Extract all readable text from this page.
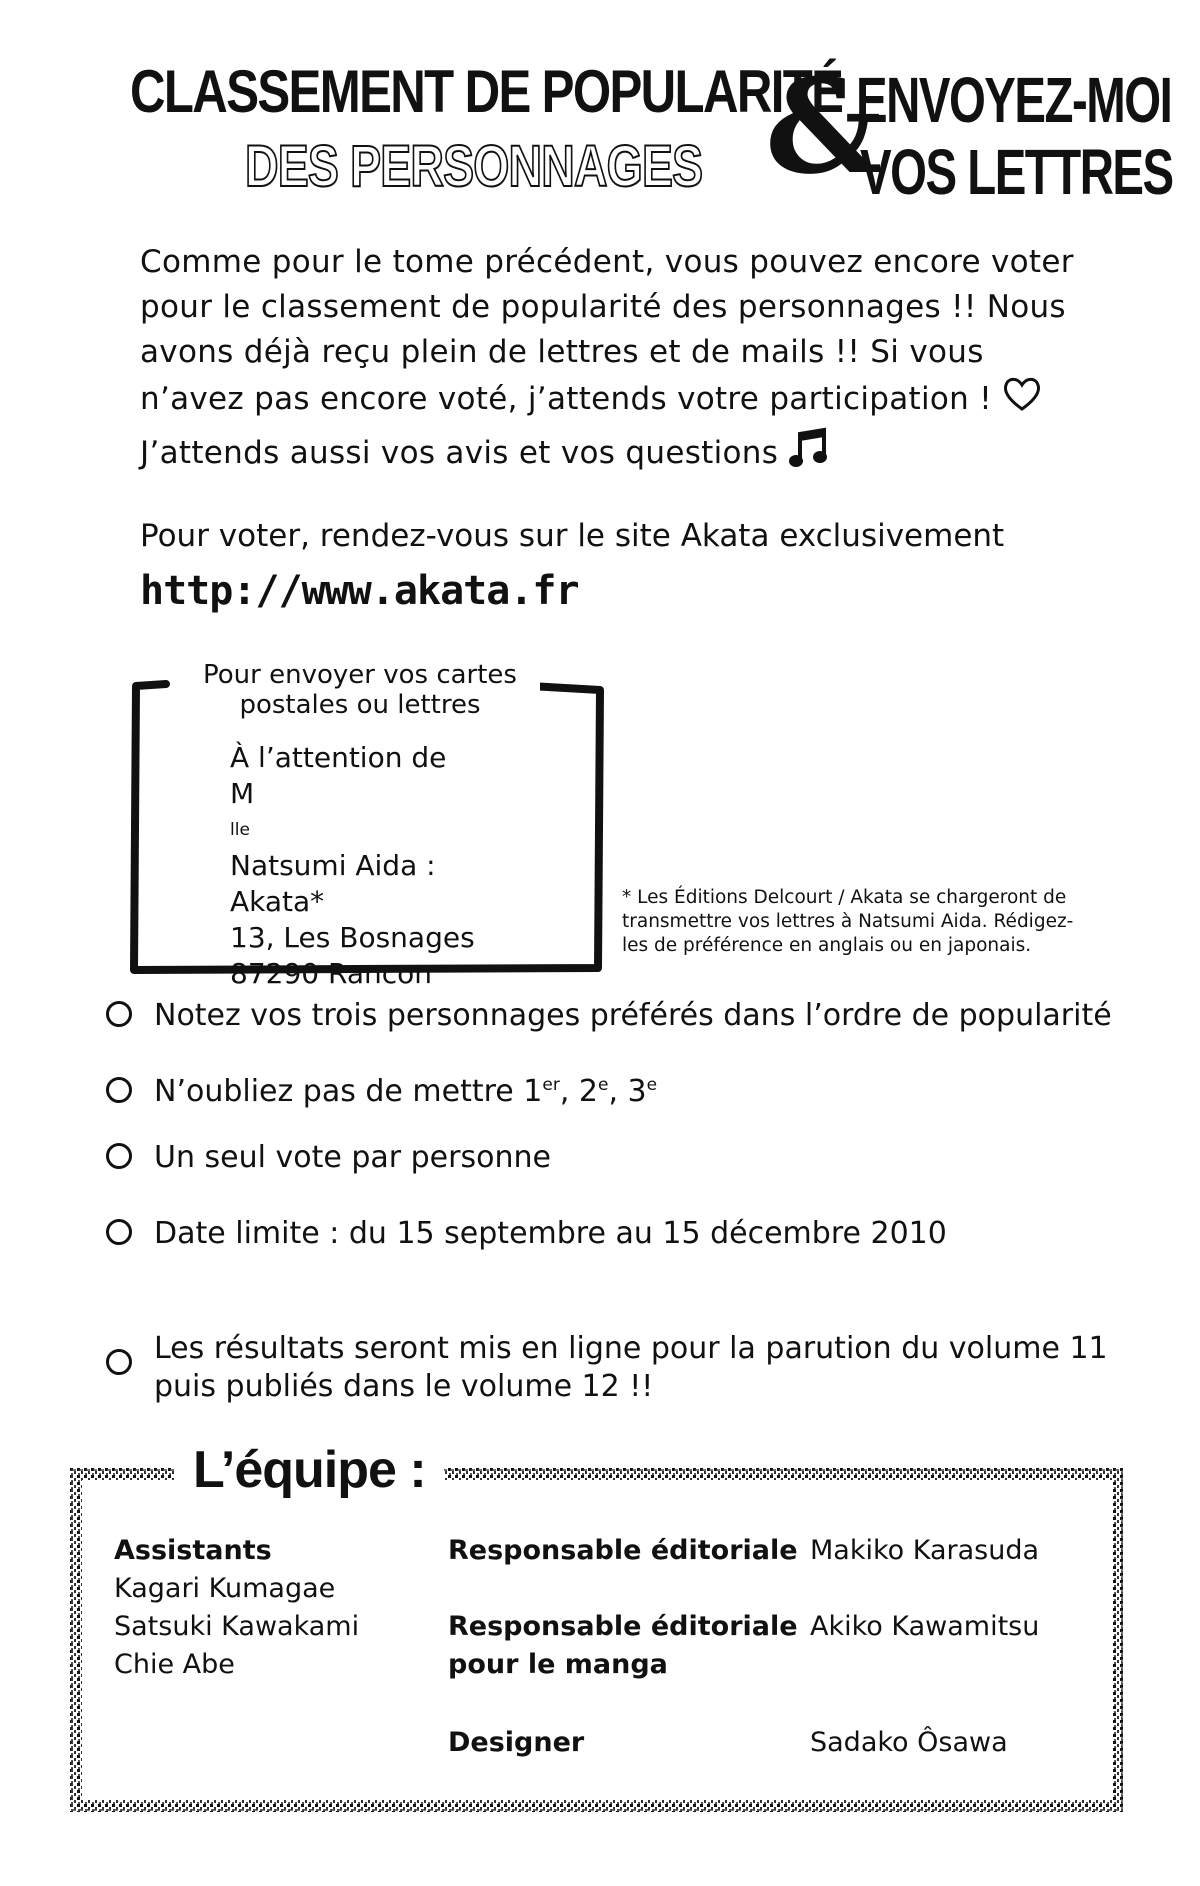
CLASSEMENT DE POPULARITÉ
DES PERSONNAGES &
ENVOYEZ-MOI
VOS LETTRES
Comme pour le tome précédent, vous pouvez encore voter
pour le classement de popularité des personnages !! Nous
avons déjà reçu plein de lettres et de mails !! Si vous
n’avez pas encore voté, j’attends votre participation !
J’attends aussi vos avis et vos questions
Pour voter, rendez-vous sur le site Akata exclusivement
http://www.akata.fr
Pour envoyer vos cartes
postales ou lettres
À l’attention de
M
lle
Natsumi Aida :
Akata*
13, Les Bosnages
87290 Rancon
* Les Éditions Delcourt / Akata se chargeront de
transmettre vos lettres à Natsumi Aida. Rédigez-
les de préférence en anglais ou en japonais.
Notez vos trois personnages préférés dans l’ordre de popularité
N’oubliez pas de mettre 1er, 2e, 3e
Un seul vote par personne
Date limite : du 15 septembre au 15 décembre 2010
Les résultats seront mis en ligne pour la parution du volume 11
puis publiés dans le volume 12 !!
L’équipe :
Assistants
Kagari Kumagae
Satsuki Kawakami
Chie Abe
Responsable éditoriale Makiko Karasuda
Responsable éditoriale
pour le manga
Akiko Kawamitsu
Designer	Sadako Ôsawa
